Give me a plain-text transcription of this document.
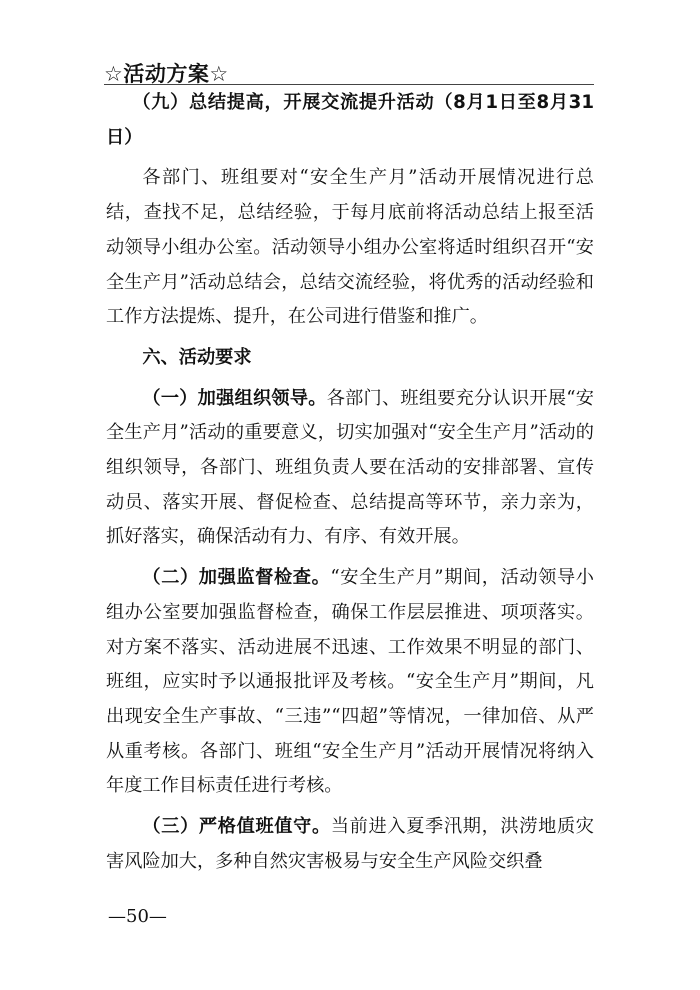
☆活动方案☆

（九）总结提高，开展交流提升活动（8月1日至8月31日）

各部门、班组要对“安全生产月”活动开展情况进行总结，查找不足，总结经验，于每月底前将活动总结上报至活动领导小组办公室。活动领导小组办公室将适时组织召开“安全生产月”活动总结会，总结交流经验，将优秀的活动经验和工作方法提炼、提升，在公司进行借鉴和推广。

六、活动要求

（一）加强组织领导。各部门、班组要充分认识开展“安全生产月”活动的重要意义，切实加强对“安全生产月”活动的组织领导，各部门、班组负责人要在活动的安排部署、宣传动员、落实开展、督促检查、总结提高等环节，亲力亲为，抓好落实，确保活动有力、有序、有效开展。

（二）加强监督检查。“安全生产月”期间，活动领导小组办公室要加强监督检查，确保工作层层推进、项项落实。对方案不落实、活动进展不迅速、工作效果不明显的部门、班组，应实时予以通报批评及考核。“安全生产月”期间，凡出现安全生产事故、“三违”“四超”等情况，一律加倍、从严从重考核。各部门、班组“安全生产月”活动开展情况将纳入年度工作目标责任进行考核。

（三）严格值班值守。当前进入夏季汛期，洪涝地质灾害风险加大，多种自然灾害极易与安全生产风险交织叠

—50—
